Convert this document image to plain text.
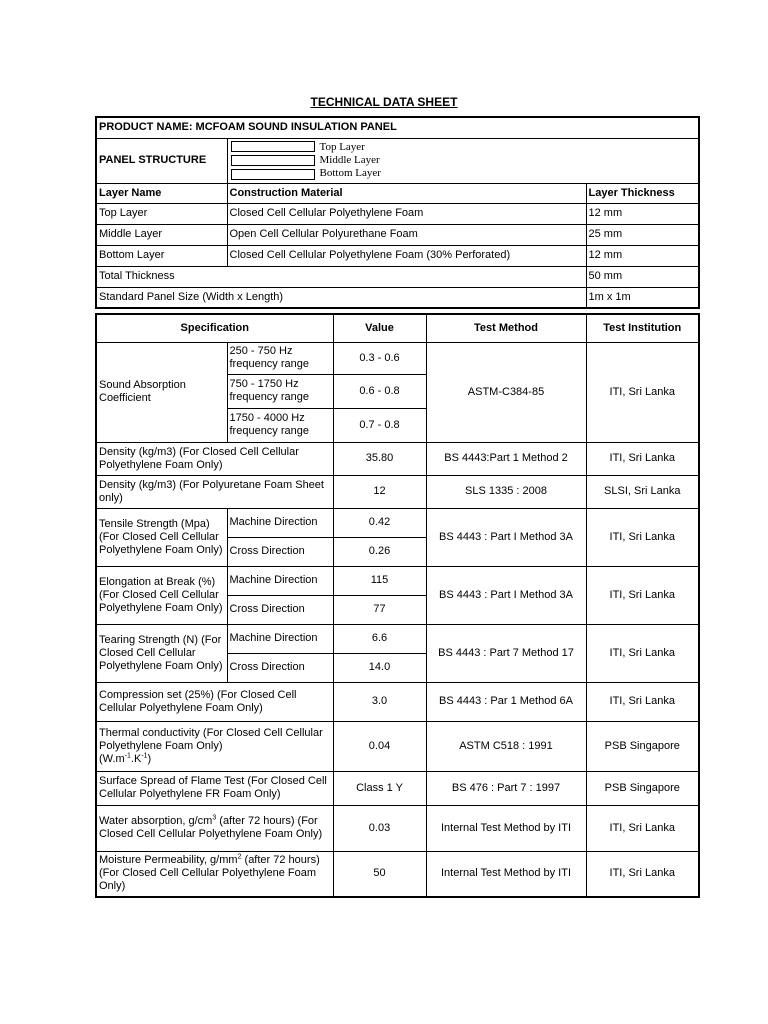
TECHNICAL DATA SHEET
PRODUCT NAME: MCFOAM SOUND INSULATION PANEL		
PANEL STRUCTURE	Top Layer
Middle Layer
Bottom Layer	

Layer Name	Construction Material	Layer Thickness
Top Layer	Closed Cell Cellular Polyethylene Foam	12 mm
Middle Layer	Open Cell Cellular Polyurethane Foam	25 mm
Bottom Layer	Closed Cell Cellular Polyethylene Foam (30% Perforated)	12 mm
Total Thickness		50 mm
Standard Panel Size (Width x Length)		1m x 1m
Specification		Value	Test Method	Test Institution
Sound Absorption Coefficient	250 - 750 Hz frequency range	0.3 - 0.6	ASTM-C384-85	ITI, Sri Lanka
	750 - 1750 Hz frequency range	0.6 - 0.8		
	1750 - 4000 Hz frequency range	0.7 - 0.8		
Density (kg/m3) (For Closed Cell Cellular Polyethylene Foam Only)		35.80	BS 4443:Part 1 Method 2	ITI, Sri Lanka
Density (kg/m3) (For Polyuretane Foam Sheet only)		12	SLS 1335 : 2008	SLSI, Sri Lanka
Tensile Strength (Mpa) (For Closed Cell Cellular Polyethylene Foam Only)	Machine Direction	0.42	BS 4443 : Part I Method 3A	ITI, Sri Lanka
	Cross Direction	0.26		
Elongation at Break (%) (For Closed Cell Cellular Polyethylene Foam Only)	Machine Direction	115	BS 4443 : Part I Method 3A	ITI, Sri Lanka
	Cross Direction	77		
Tearing Strength (N) (For Closed Cell Cellular Polyethylene Foam Only)	Machine Direction	6.6	BS 4443 : Part 7 Method 17	ITI, Sri Lanka
	Cross Direction	14.0		
Compression set (25%) (For Closed Cell Cellular Polyethylene Foam Only)		3.0	BS 4443 : Par 1 Method 6A	ITI, Sri Lanka
Thermal conductivity (For Closed Cell Cellular Polyethylene Foam Only)
$(W.m^{-1}.K^{-1})$		0.04	ASTM C518 : 1991	PSB Singapore
Surface Spread of Flame Test (For Closed Cell Cellular Polyethylene FR Foam Only)		Class 1 Y	BS 476 : Part 7 : 1997	PSB Singapore
Water absorption, $g/cm^3$ (after 72 hours) (For Closed Cell Cellular Polyethylene Foam Only)		0.03	Internal Test Method by ITI	ITI, Sri Lanka
Moisture Permeability, $g/mm^2$ (after 72 hours) (For Closed Cell Cellular Polyethylene Foam Only)		50	Internal Test Method by ITI	ITI, Sri Lanka
